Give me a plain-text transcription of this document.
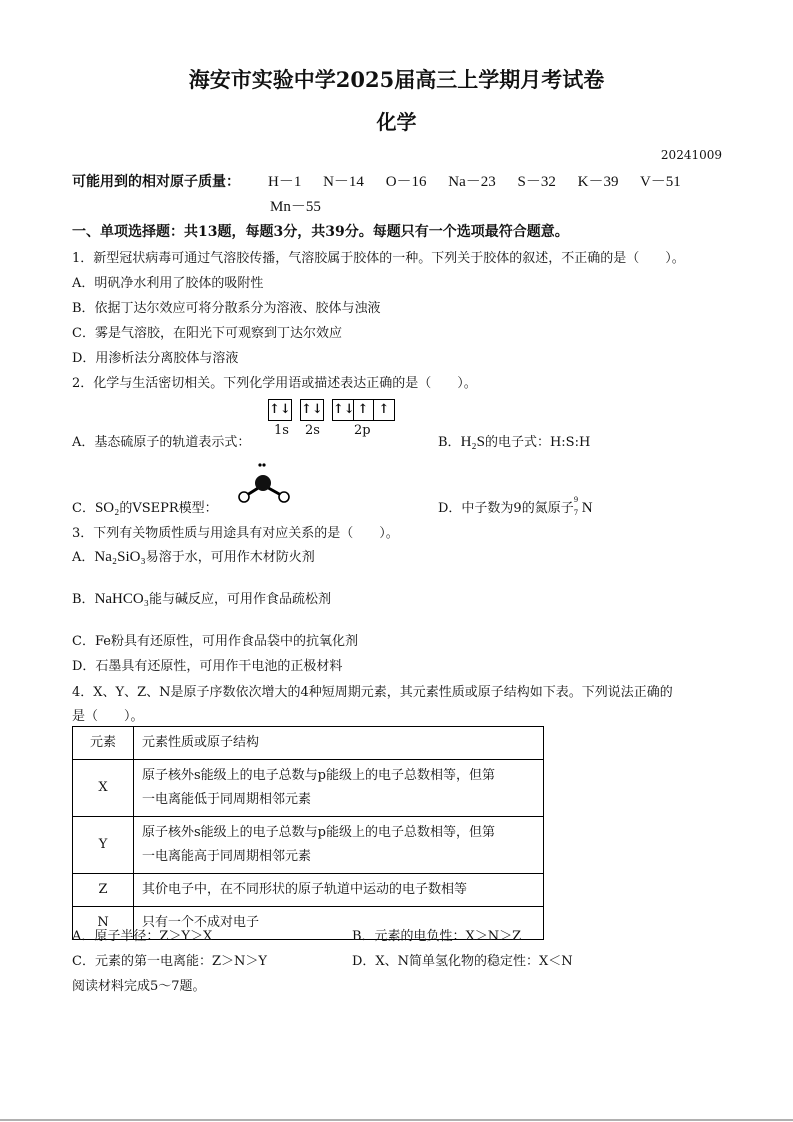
海安市实验中学2025届高三上学期月考试卷
化学
20241009
可能用到的相对原子质量： H－1 N－14 O－16 Na－23 S－32 K－39 V－51
Mn－55
一、单项选择题：共13题，每题3分，共39分。每题只有一个选项最符合题意。
1．新型冠状病毒可通过气溶胶传播，气溶胶属于胶体的一种。下列关于胶体的叙述，不正确的是（　　）。
A．明矾净水利用了胶体的吸附性
B．依据丁达尔效应可将分散系分为溶液、胶体与浊液
C．雾是气溶胶，在阳光下可观察到丁达尔效应
D．用渗析法分离胶体与溶液
2．化学与生活密切相关。下列化学用语或描述表达正确的是（　　）。
A．基态硫原子的轨道表示式：
↑↓ ↑↓ ↑↓ ↑ ↑
1s 2s	2p
B．H₂S的电子式：H:S:H
C．SO₂的VSEPR模型：	D．中子数为9的氮原子
9
7 N
3．下列有关物质性质与用途具有对应关系的是（　　）。
A．Na₂SiO₃易溶于水，可用作木材防火剂
B．NaHCO₃能与碱反应，可用作食品疏松剂
C．Fe粉具有还原性，可用作食品袋中的抗氧化剂
D．石墨具有还原性，可用作干电池的正极材料
4．X、Y、Z、N是原子序数依次增大的4种短周期元素，其元素性质或原子结构如下表。下列说法正确的
是（　　）。
元素	元素性质或原子结构
X	原子核外s能级上的电子总数与p能级上的电子总数相等，但第
一电离能低于同周期相邻元素

Y	原子核外s能级上的电子总数与p能级上的电子总数相等，但第
一电离能高于同周期相邻元素

Z	其价电子中，在不同形状的原子轨道中运动的电子数相等
N	只有一个不成对电子
A．原子半径：Z＞Y＞X	B．元素的电负性：X＞N＞Z
C．元素的第一电离能：Z＞N＞Y	D．X、N简单氢化物的稳定性：X＜N
阅读材料完成5～7题。
